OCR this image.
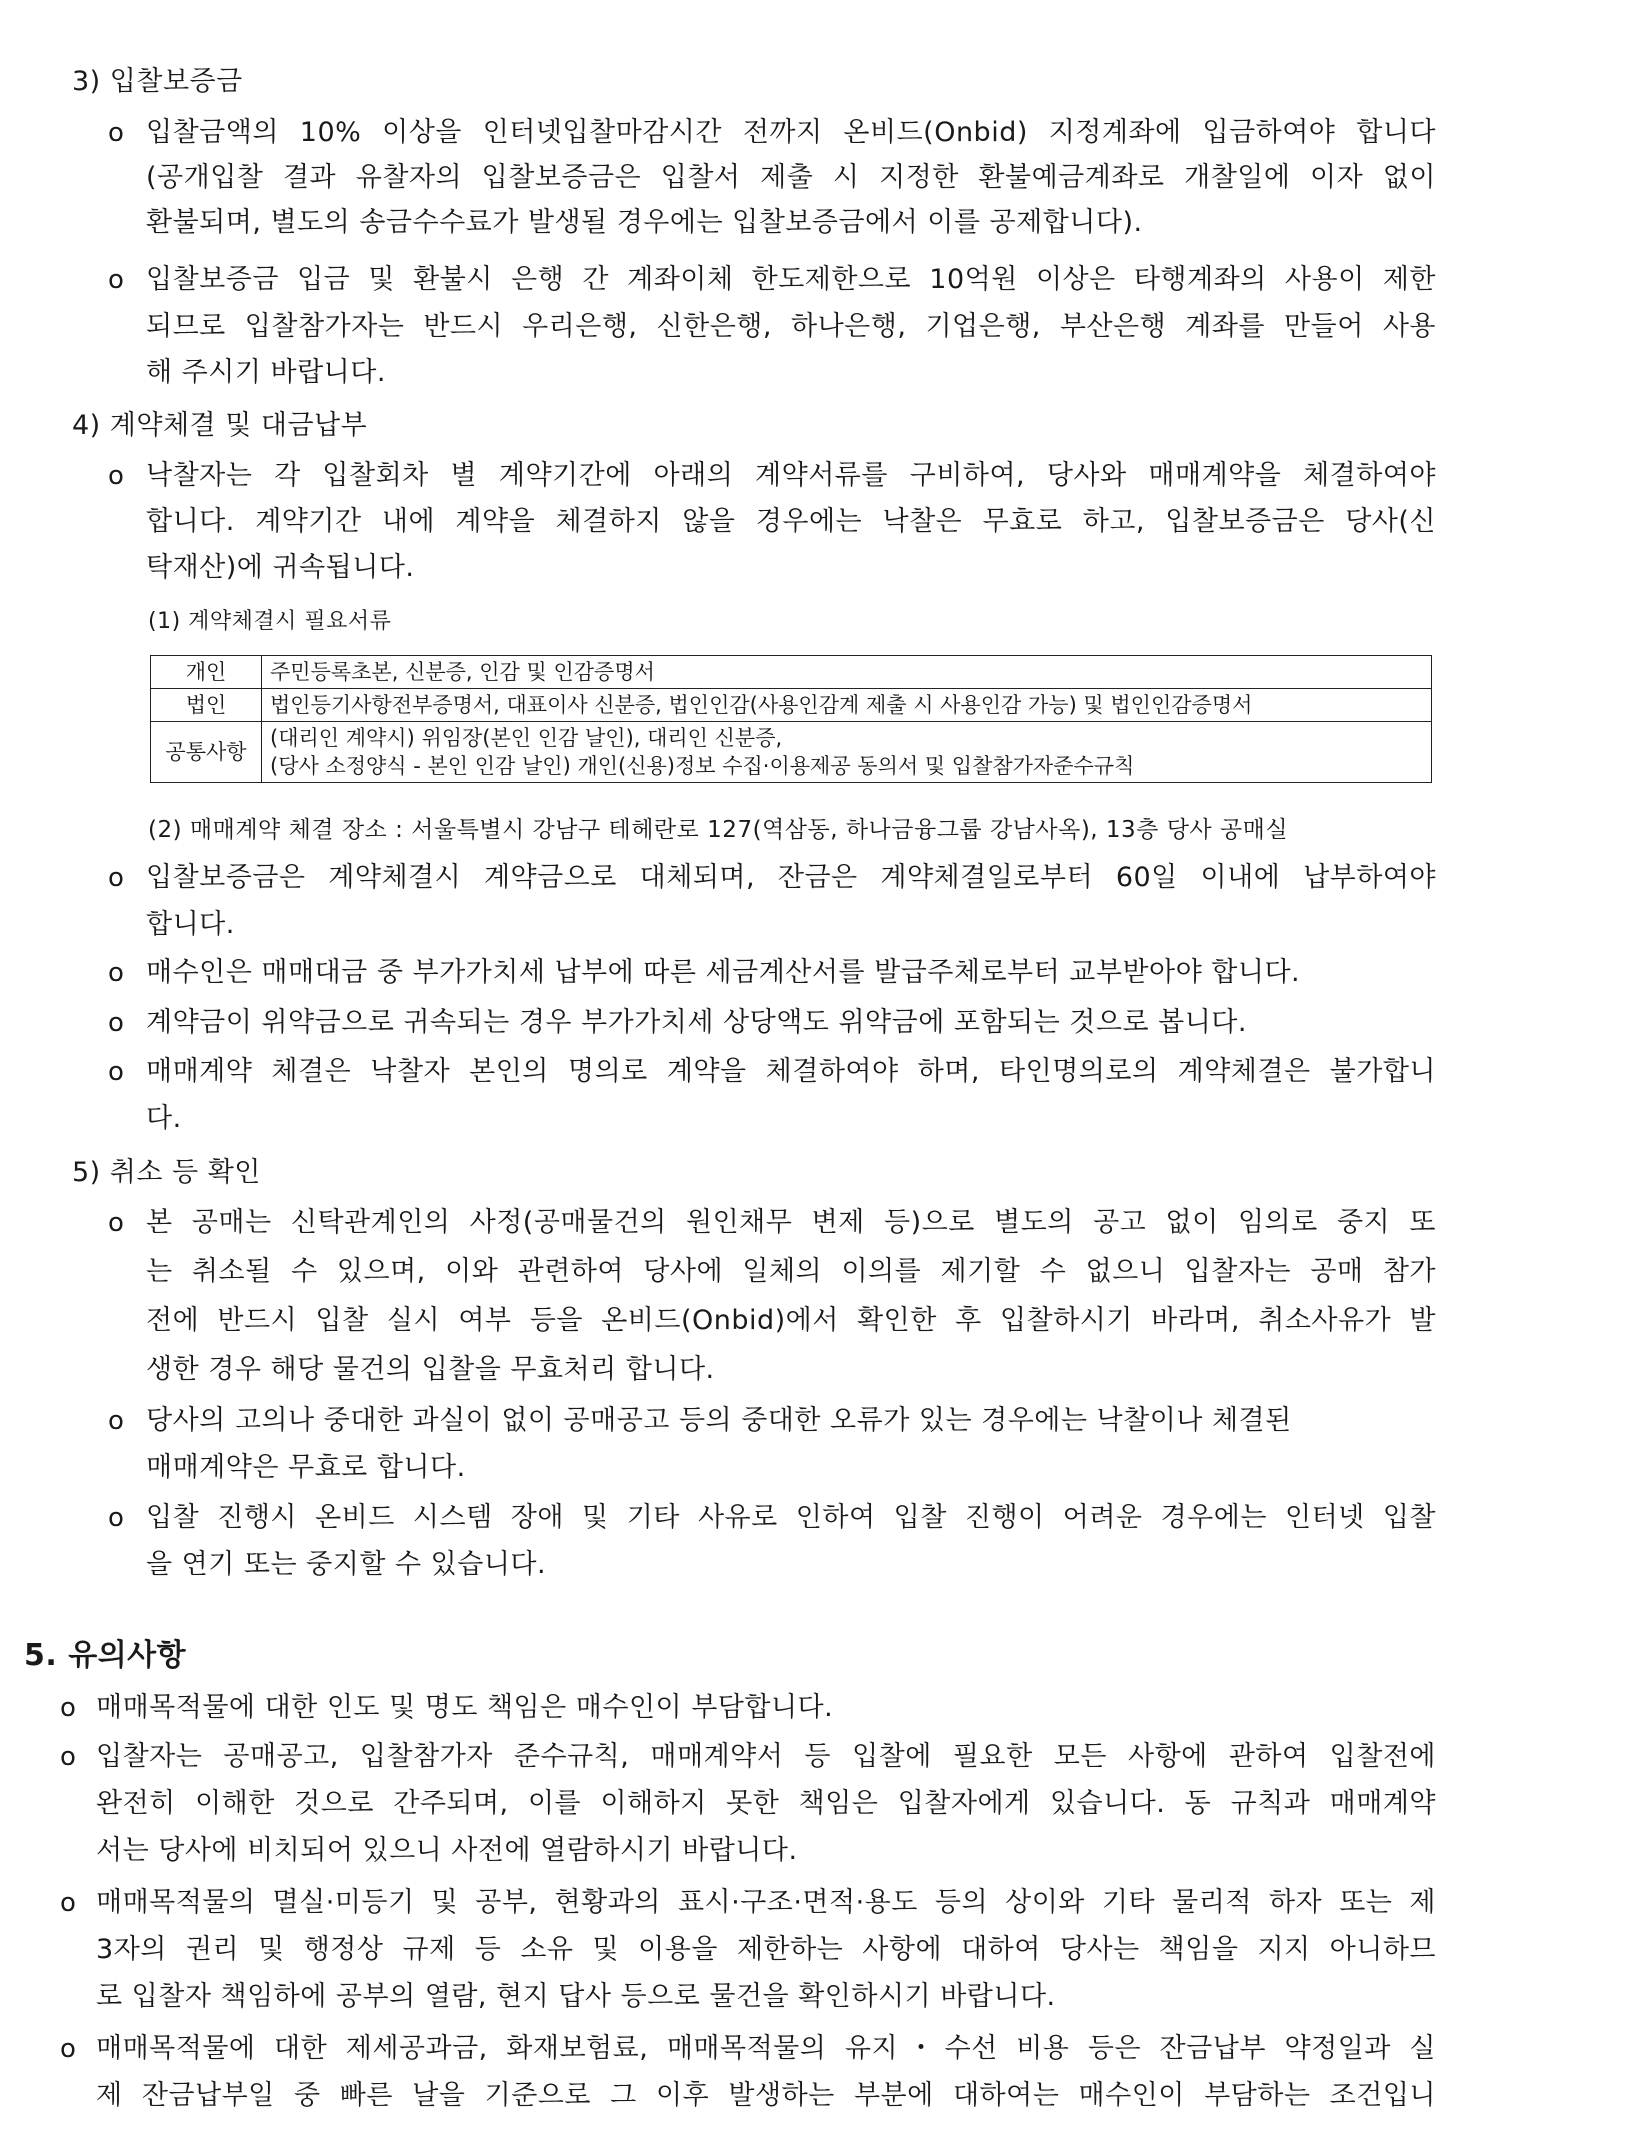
3) 입찰보증금
o 입찰금액의 10% 이상을 인터넷입찰마감시간 전까지 온비드(Onbid) 지정계좌에 입금하여야 합니다
(공개입찰 결과 유찰자의 입찰보증금은 입찰서 제출 시 지정한 환불예금계좌로 개찰일에 이자 없이
환불되며, 별도의 송금수수료가 발생될 경우에는 입찰보증금에서 이를 공제합니다).
o 입찰보증금 입금 및 환불시 은행 간 계좌이체 한도제한으로 10억원 이상은 타행계좌의 사용이 제한
되므로 입찰참가자는 반드시 우리은행, 신한은행, 하나은행, 기업은행, 부산은행 계좌를 만들어 사용
해 주시기 바랍니다.
4) 계약체결 및 대금납부
o 낙찰자는 각 입찰회차 별 계약기간에 아래의 계약서류를 구비하여, 당사와 매매계약을 체결하여야
합니다. 계약기간 내에 계약을 체결하지 않을 경우에는 낙찰은 무효로 하고, 입찰보증금은 당사(신
탁재산)에 귀속됩니다.
(1) 계약체결시 필요서류
개인	주민등록초본, 신분증, 인감 및 인감증명서
법인	법인등기사항전부증명서, 대표이사 신분증, 법인인감(사용인감계 제출 시 사용인감 가능) 및 법인인감증명서
공통사항	(대리인 계약시) 위임장(본인 인감 날인), 대리인 신분증,
(당사 소정양식 - 본인 인감 날인) 개인(신용)정보 수집·이용제공 동의서 및 입찰참가자준수규칙
(2) 매매계약 체결 장소 : 서울특별시 강남구 테헤란로 127(역삼동, 하나금융그룹 강남사옥), 13층 당사 공매실
o 입찰보증금은 계약체결시 계약금으로 대체되며, 잔금은 계약체결일로부터 60일 이내에 납부하여야
합니다.
o 매수인은 매매대금 중 부가가치세 납부에 따른 세금계산서를 발급주체로부터 교부받아야 합니다.
o 계약금이 위약금으로 귀속되는 경우 부가가치세 상당액도 위약금에 포함되는 것으로 봅니다.
o 매매계약 체결은 낙찰자 본인의 명의로 계약을 체결하여야 하며, 타인명의로의 계약체결은 불가합니
다.
5) 취소 등 확인
o 본 공매는 신탁관계인의 사정(공매물건의 원인채무 변제 등)으로 별도의 공고 없이 임의로 중지 또
는 취소될 수 있으며, 이와 관련하여 당사에 일체의 이의를 제기할 수 없으니 입찰자는 공매 참가
전에 반드시 입찰 실시 여부 등을 온비드(Onbid)에서 확인한 후 입찰하시기 바라며, 취소사유가 발
생한 경우 해당 물건의 입찰을 무효처리 합니다.
o 당사의 고의나 중대한 과실이 없이 공매공고 등의 중대한 오류가 있는 경우에는 낙찰이나 체결된
매매계약은 무효로 합니다.
o 입찰 진행시 온비드 시스템 장애 및 기타 사유로 인하여 입찰 진행이 어려운 경우에는 인터넷 입찰
을 연기 또는 중지할 수 있습니다.
5. 유의사항
o 매매목적물에 대한 인도 및 명도 책임은 매수인이 부담합니다.
o 입찰자는 공매공고, 입찰참가자 준수규칙, 매매계약서 등 입찰에 필요한 모든 사항에 관하여 입찰전에
완전히 이해한 것으로 간주되며, 이를 이해하지 못한 책임은 입찰자에게 있습니다. 동 규칙과 매매계약
서는 당사에 비치되어 있으니 사전에 열람하시기 바랍니다.
o 매매목적물의 멸실·미등기 및 공부, 현황과의 표시·구조·면적·용도 등의 상이와 기타 물리적 하자 또는 제
3자의 권리 및 행정상 규제 등 소유 및 이용을 제한하는 사항에 대하여 당사는 책임을 지지 아니하므
로 입찰자 책임하에 공부의 열람, 현지 답사 등으로 물건을 확인하시기 바랍니다.
o 매매목적물에 대한 제세공과금, 화재보험료, 매매목적물의 유지・수선 비용 등은 잔금납부 약정일과 실
제 잔금납부일 중 빠른 날을 기준으로 그 이후 발생하는 부분에 대하여는 매수인이 부담하는 조건입니
